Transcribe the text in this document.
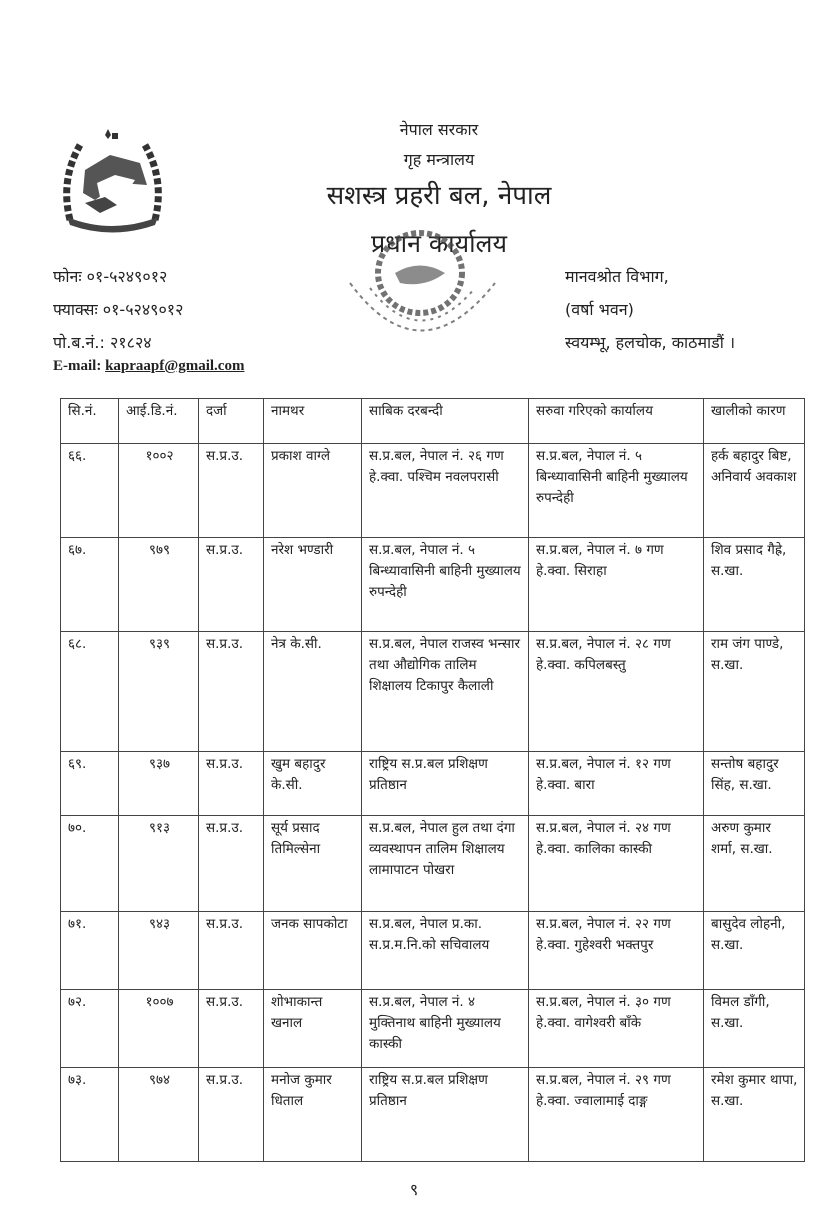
नेपाल सरकार
गृह मन्त्रालय
सशस्त्र प्रहरी बल, नेपाल
प्रधान कार्यालय
फोनः ०१-५२४९०१२
फ्याक्सः ०१-५२४९०१२
पो.ब.नं.: २१८२४
E-mail: kapraapf@gmail.com
मानवश्रोत विभाग,
(वर्षा भवन)
स्वयम्भू, हलचोक, काठमाडौं ।
सि.नं.	आई.डि.नं.	दर्जा	नामथर	साबिक दरबन्दी	सरुवा गरिएको कार्यालय	खालीको कारण
६६.	१००२	स.प्र.उ.	प्रकाश वाग्ले	स.प्र.बल, नेपाल नं. २६ गण हे.क्वा. पश्चिम नवलपरासी	स.प्र.बल, नेपाल नं. ५ बिन्ध्यावासिनी बाहिनी मुख्यालय रुपन्देही	हर्क बहादुर बिष्ट, अनिवार्य अवकाश
६७.	९७९	स.प्र.उ.	नरेश भण्डारी	स.प्र.बल, नेपाल नं. ५ बिन्ध्यावासिनी बाहिनी मुख्यालय रुपन्देही	स.प्र.बल, नेपाल नं. ७ गण हे.क्वा. सिराहा	शिव प्रसाद गैह्रे, स.खा.
६८.	९३९	स.प्र.उ.	नेत्र के.सी.	स.प्र.बल, नेपाल राजस्व भन्सार तथा औद्योगिक तालिम शिक्षालय टिकापुर कैलाली	स.प्र.बल, नेपाल नं. २८ गण हे.क्वा. कपिलबस्तु	राम जंग पाण्डे, स.खा.
६९.	९३७	स.प्र.उ.	खुम बहादुर के.सी.	राष्ट्रिय स.प्र.बल प्रशिक्षण प्रतिष्ठान	स.प्र.बल, नेपाल नं. १२ गण हे.क्वा. बारा	सन्तोष बहादुर सिंह, स.खा.
७०.	९१३	स.प्र.उ.	सूर्य प्रसाद तिमिल्सेना	स.प्र.बल, नेपाल हुल तथा दंगा व्यवस्थापन तालिम शिक्षालय लामापाटन पोखरा	स.प्र.बल, नेपाल नं. २४ गण हे.क्वा. कालिका कास्की	अरुण कुमार शर्मा, स.खा.
७१.	९४३	स.प्र.उ.	जनक सापकोटा	स.प्र.बल, नेपाल प्र.का. स.प्र.म.नि.को सचिवालय	स.प्र.बल, नेपाल नं. २२ गण हे.क्वा. गुहेश्वरी भक्तपुर	बासुदेव लोहनी, स.खा.
७२.	१००७	स.प्र.उ.	शोभाकान्त खनाल	स.प्र.बल, नेपाल नं. ४ मुक्तिनाथ बाहिनी मुख्यालय कास्की	स.प्र.बल, नेपाल नं. ३० गण हे.क्वा. वागेश्वरी बाँके	विमल डाँगी, स.खा.
७३.	९७४	स.प्र.उ.	मनोज कुमार धिताल	राष्ट्रिय स.प्र.बल प्रशिक्षण प्रतिष्ठान	स.प्र.बल, नेपाल नं. २९ गण हे.क्वा. ज्वालामाई दाङ्ग	रमेश कुमार थापा, स.खा.
९
